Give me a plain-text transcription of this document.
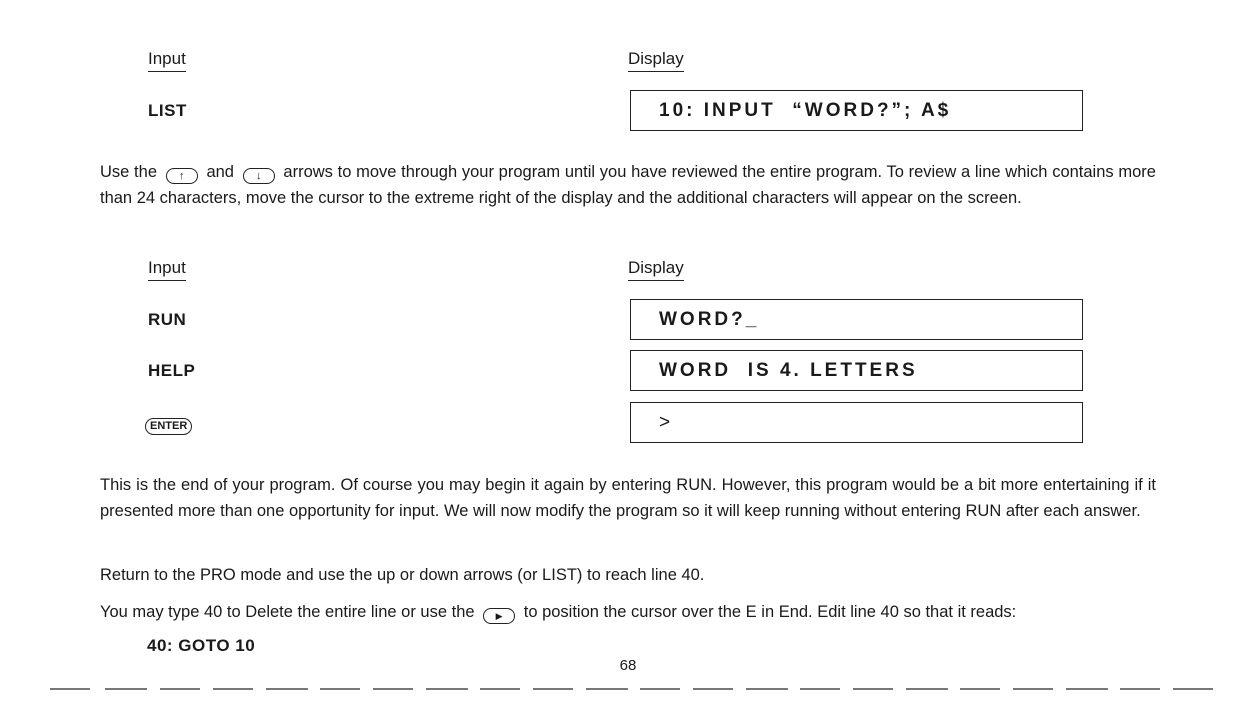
Input	Display
LIST	10: INPUT  “WORD?”; A$
Use the ↑ and ↓ arrows to move through your program until you have reviewed the entire program. To review a line which contains more than 24 characters, move the cursor to the extreme right of the display and the additional characters will appear on the screen.
Input	Display
RUN	WORD?_
HELP	WORD  IS 4. LETTERS
ENTER	>
This is the end of your program. Of course you may begin it again by entering RUN. However, this program would be a bit more entertaining if it presented more than one opportunity for input. We will now modify the program so it will keep running without entering RUN after each answer.
Return to the PRO mode and use the up or down arrows (or LIST) to reach line 40.
You may type 40 to Delete the entire line or use the ▶ to position the cursor over the E in End. Edit line 40 so that it reads:
40: GOTO 10
68
